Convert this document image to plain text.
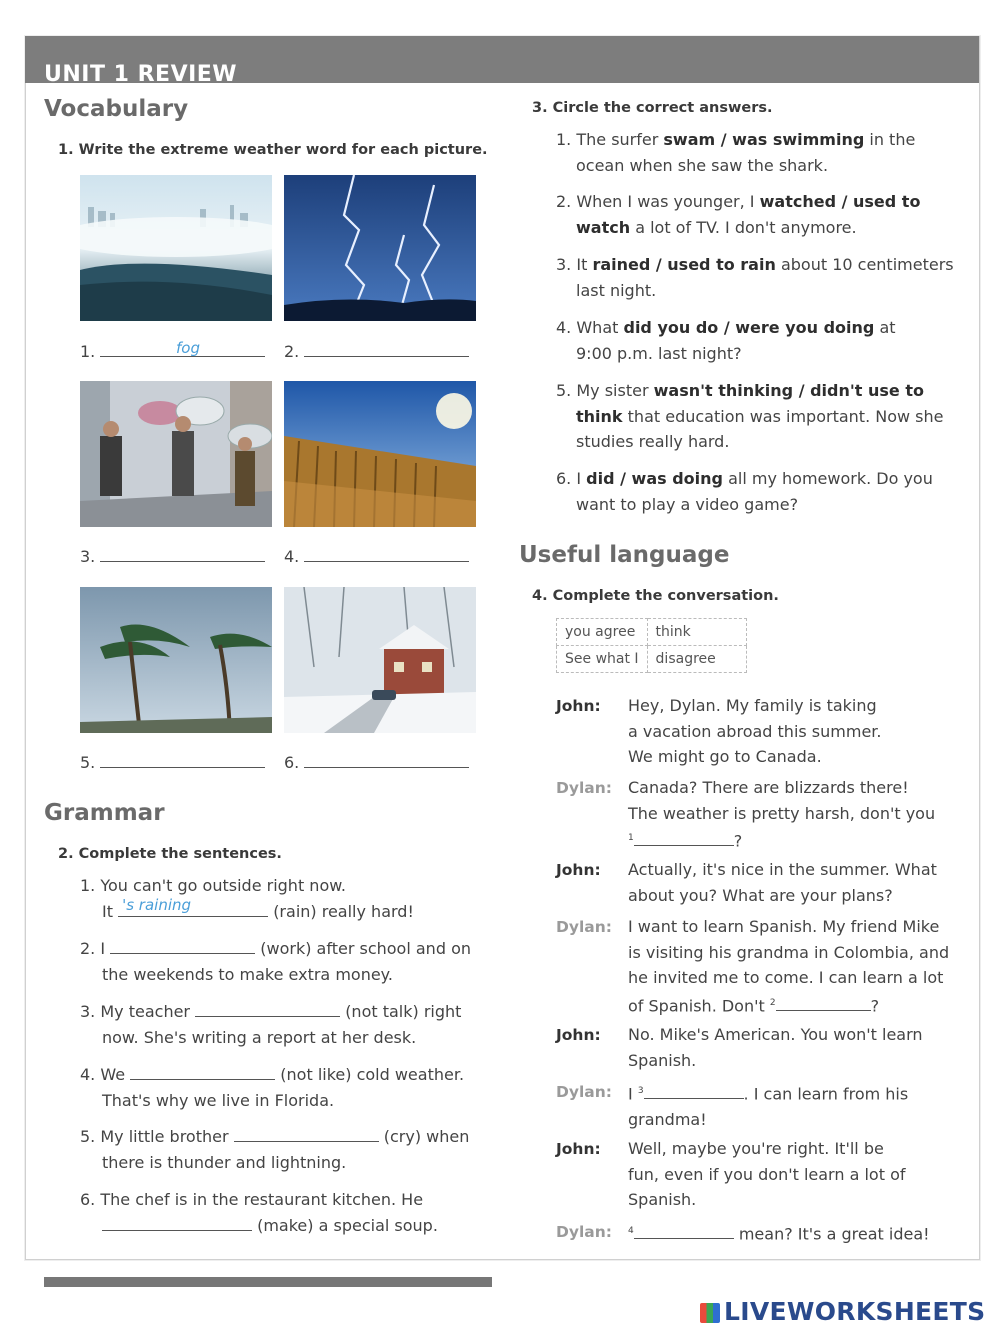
UNIT 1 REVIEW
Vocabulary
1. Write the extreme weather word for each picture.
1.	fog	2.
3.	4.
5.	6.
Grammar
2. Complete the sentences.
1. You can't go outside right now.
It 's raining	(rain) really hard!
2. I	(work) after school and on
the weekends to make extra money.
3. My teacher	(not talk) right
now. She's writing a report at her desk.
4. We	(not like) cold weather.
That's why we live in Florida.
5. My little brother	(cry) when
there is thunder and lightning.
6. The chef is in the restaurant kitchen. He
(make) a special soup.
3. Circle the correct answers.
1. The surfer swam / was swimming in the
ocean when she saw the shark.
2. When I was younger, I watched / used to
watch a lot of TV. I don't anymore.
3. It rained / used to rain about 10 centimeters
last night.
4. What did you do / were you doing at
9:00 p.m. last night?
5. My sister wasn't thinking / didn't use to
think that education was important. Now she
studies really hard.
6. I did / was doing all my homework. Do you
want to play a video game?
Useful language
4. Complete the conversation.
you agree	think
See what I	disagree
John: Hey, Dylan. My family is taking
a vacation abroad this summer.
We might go to Canada.
Dylan: Canada? There are blizzards there!
The weather is pretty harsh, don't you
$^1$	?
John: Actually, it's nice in the summer. What
about you? What are your plans?
Dylan: I want to learn Spanish. My friend Mike
is visiting his grandma in Colombia, and
he invited me to come. I can learn a lot
of Spanish. Don't $^2$	?
John: No. Mike's American. You won't learn
Spanish.
Dylan: I $^3$	. I can learn from his
grandma!
John: Well, maybe you're right. It'll be
fun, even if you don't learn a lot of
Spanish.
Dylan: $^4$	mean? It's a great idea!
LIVEWORKSHEETS
